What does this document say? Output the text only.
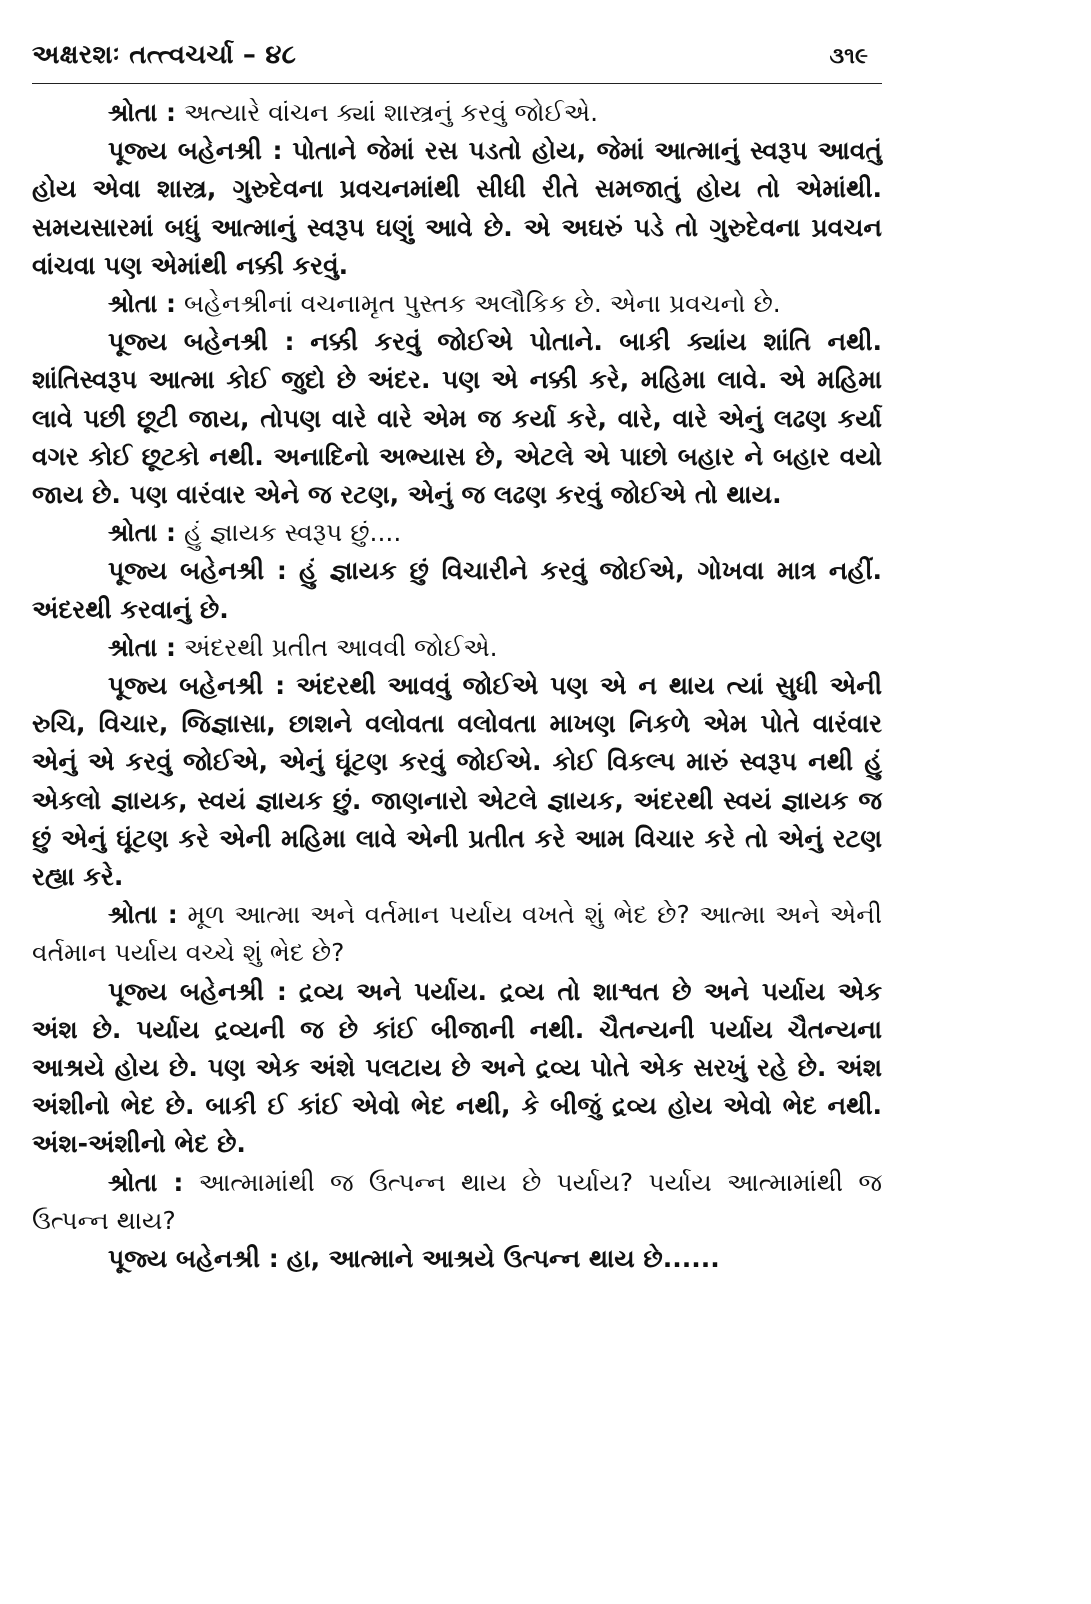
અક્ષરશઃ તત્ત્વચર્ચા – ૪૮	૩૧૯

શ્રોતા : અત્યારે વાંચન ક્યાં શાસ્ત્રનું કરવું જોઈએ.

પૂજ્ય બહેનશ્રી : પોતાને જેમાં રસ પડતો હોય, જેમાં આત્માનું સ્વરૂપ આવતું હોય એવા શાસ્ત્ર, ગુરુદેવના પ્રવચનમાંથી સીધી રીતે સમજાતું હોય તો એમાંથી. સમયસારમાં બધું આત્માનું સ્વરૂપ ઘણું આવે છે. એ અઘરું પડે તો ગુરુદેવના પ્રવચન વાંચવા પણ એમાંથી નક્કી કરવું.

શ્રોતા : બહેનશ્રીનાં વચનામૃત પુસ્તક અલૌકિક છે. એના પ્રવચનો છે.

પૂજ્ય બહેનશ્રી : નક્કી કરવું જોઈએ પોતાને. બાકી ક્યાંય શાંતિ નથી. શાંતિસ્વરૂપ આત્મા કોઈ જુદો છે અંદર. પણ એ નક્કી કરે, મહિમા લાવે. એ મહિમા લાવે પછી છૂટી જાય, તોપણ વારે વારે એમ જ કર્યા કરે, વારે, વારે એનું લઢણ કર્યા વગર કોઈ છૂટકો નથી. અનાદિનો અભ્યાસ છે, એટલે એ પાછો બહાર ને બહાર વયો જાય છે. પણ વારંવાર એને જ રટણ, એનું જ લઢણ કરવું જોઈએ તો થાય.

શ્રોતા : હું જ્ઞાયક સ્વરૂપ છું....

પૂજ્ય બહેનશ્રી : હું જ્ઞાયક છું વિચારીને કરવું જોઈએ, ગોખવા માત્ર નહીં. અંદરથી કરવાનું છે.

શ્રોતા : અંદરથી પ્રતીત આવવી જોઈએ.

પૂજ્ય બહેનશ્રી : અંદરથી આવવું જોઈએ પણ એ ન થાય ત્યાં સુધી એની રુચિ, વિચાર, જિજ્ઞાસા, છાશને વલોવતા વલોવતા માખણ નિકળે એમ પોતે વારંવાર એનું એ કરવું જોઈએ, એનું ઘૂંટણ કરવું જોઈએ. કોઈ વિકલ્પ મારું સ્વરૂપ નથી હું એકલો જ્ઞાયક, સ્વયં જ્ઞાયક છું. જાણનારો એટલે જ્ઞાયક, અંદરથી સ્વયં જ્ઞાયક જ છું એનું ઘૂંટણ કરે એની મહિમા લાવે એની પ્રતીત કરે આમ વિચાર કરે તો એનું રટણ રહ્યા કરે.

શ્રોતા : મૂળ આત્મા અને વર્તમાન પર્યાય વખતે શું ભેદ છે? આત્મા અને એની વર્તમાન પર્યાય વચ્ચે શું ભેદ છે?

પૂજ્ય બહેનશ્રી : દ્રવ્ય અને પર્યાય. દ્રવ્ય તો શાશ્વત છે અને પર્યાય એક અંશ છે. પર્યાય દ્રવ્યની જ છે કાંઈ બીજાની નથી. ચૈતન્યની પર્યાય ચૈતન્યના આશ્રયે હોય છે. પણ એક અંશે પલટાય છે અને દ્રવ્ય પોતે એક સરખું રહે છે. અંશ અંશીનો ભેદ છે. બાકી ઈ કાંઈ એવો ભેદ નથી, કે બીજું દ્રવ્ય હોય એવો ભેદ નથી. અંશ-અંશીનો ભેદ છે.

શ્રોતા : આત્મામાંથી જ ઉત્પન્ન થાય છે પર્યાય? પર્યાય આત્મામાંથી જ ઉત્પન્ન થાય?

પૂજ્ય બહેનશ્રી : હા, આત્માને આશ્રયે ઉત્પન્ન થાય છે......
